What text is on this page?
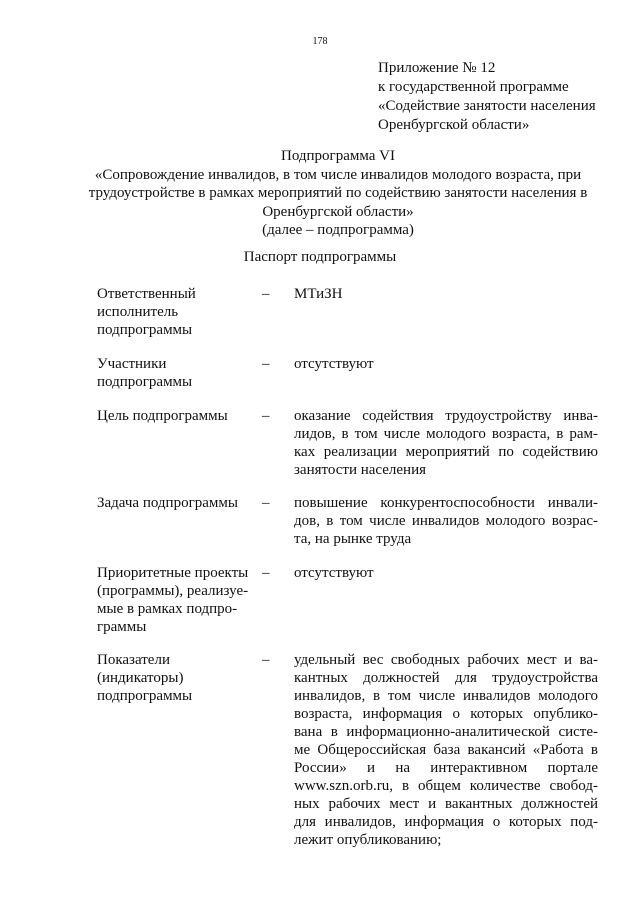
178
Приложение № 12
к государственной программе
«Содействие занятости населения
Оренбургской области»
Подпрограмма VI
«Сопровождение инвалидов, в том числе инвалидов молодого возраста, при
трудоустройстве в рамках мероприятий по содействию занятости населения в
Оренбургской области»
(далее – подпрограмма)
Паспорт подпрограммы
Ответственный
исполнитель
подпрограммы
– МТиЗН
Участники
подпрограммы
– отсутствуют
Цель подпрограммы	– оказание содействия трудоустройству инва-
лидов, в том числе молодого возраста, в рам-
ках реализации мероприятий по содействию
занятости населения
Задача подпрограммы	– повышение конкурентоспособности инвали-
дов, в том числе инвалидов молодого возрас-
та, на рынке труда
Приоритетные проекты
(программы), реализуе-
мые в рамках подпро-
граммы
– отсутствуют
Показатели
(индикаторы)
подпрограммы
– удельный вес свободных рабочих мест и ва-
кантных должностей для трудоустройства
инвалидов, в том числе инвалидов молодого
возраста, информация о которых опублико-
вана в информационно-аналитической систе-
ме Общероссийская база вакансий «Работа в
России» и на интерактивном портале
www.szn.orb.ru, в общем количестве свобод-
ных рабочих мест и вакантных должностей
для инвалидов, информация о которых под-
лежит опубликованию;
